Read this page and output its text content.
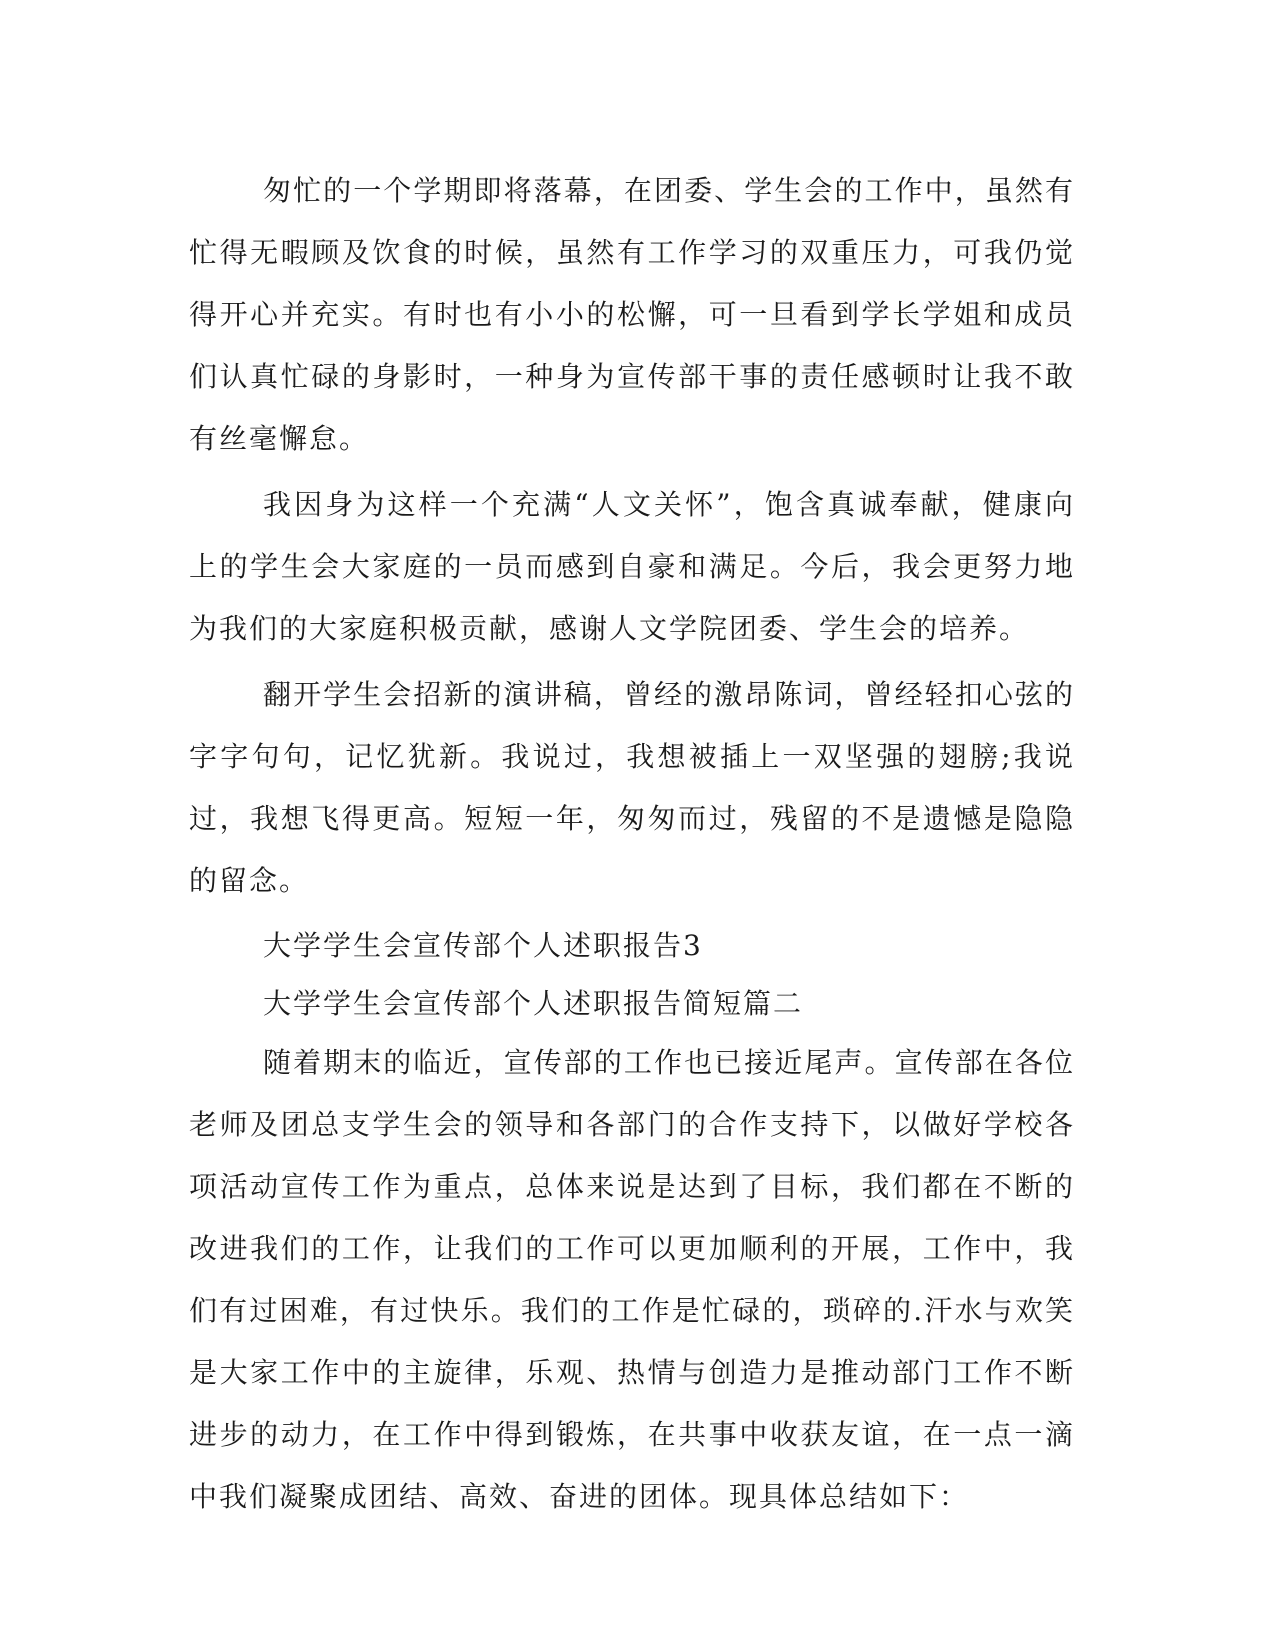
匆忙的一个学期即将落幕，在团委、学生会的工作中，虽然有忙得无暇顾及饮食的时候，虽然有工作学习的双重压力，可我仍觉得开心并充实。有时也有小小的松懈，可一旦看到学长学姐和成员们认真忙碌的身影时，一种身为宣传部干事的责任感顿时让我不敢有丝毫懈怠。

我因身为这样一个充满“人文关怀”，饱含真诚奉献，健康向上的学生会大家庭的一员而感到自豪和满足。今后，我会更努力地为我们的大家庭积极贡献，感谢人文学院团委、学生会的培养。

翻开学生会招新的演讲稿，曾经的激昂陈词，曾经轻扣心弦的字字句句，记忆犹新。我说过，我想被插上一双坚强的翅膀;我说过，我想飞得更高。短短一年，匆匆而过，残留的不是遗憾是隐隐的留念。

大学学生会宣传部个人述职报告3

大学学生会宣传部个人述职报告简短篇二

随着期末的临近，宣传部的工作也已接近尾声。宣传部在各位老师及团总支学生会的领导和各部门的合作支持下，以做好学校各项活动宣传工作为重点，总体来说是达到了目标，我们都在不断的改进我们的工作，让我们的工作可以更加顺利的开展，工作中，我们有过困难，有过快乐。我们的工作是忙碌的，琐碎的.汗水与欢笑是大家工作中的主旋律，乐观、热情与创造力是推动部门工作不断进步的动力，在工作中得到锻炼，在共事中收获友谊，在一点一滴中我们凝聚成团结、高效、奋进的团体。现具体总结如下：
